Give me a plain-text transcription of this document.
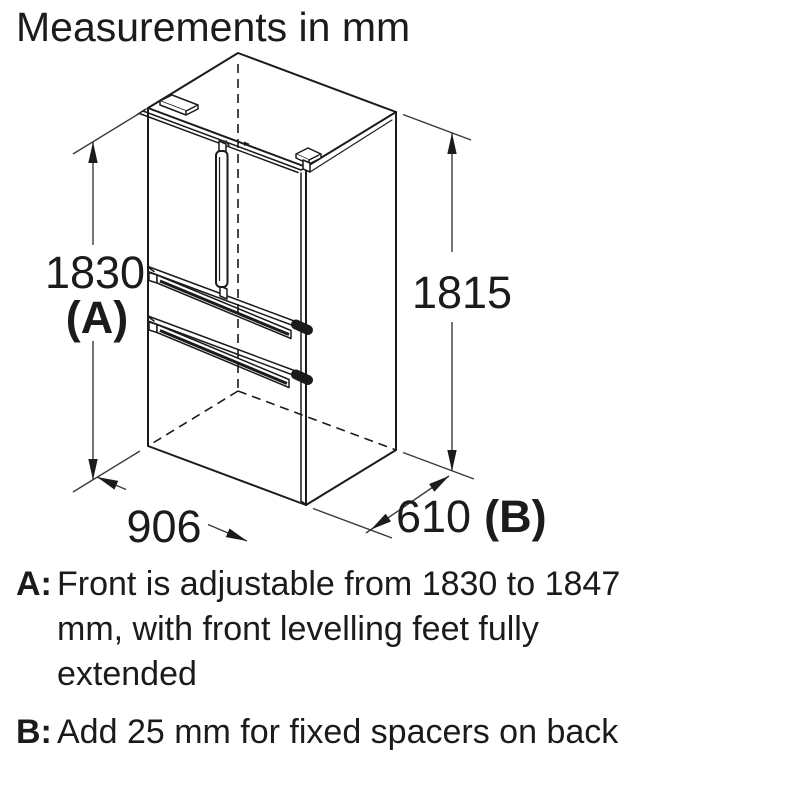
Measurements in mm
1830
(A)	1815
906	610 (B)
A: Front is adjustable from 1830 to 1847
mm, with front levelling feet fully
extended
B: Add 25 mm for fixed spacers on back
